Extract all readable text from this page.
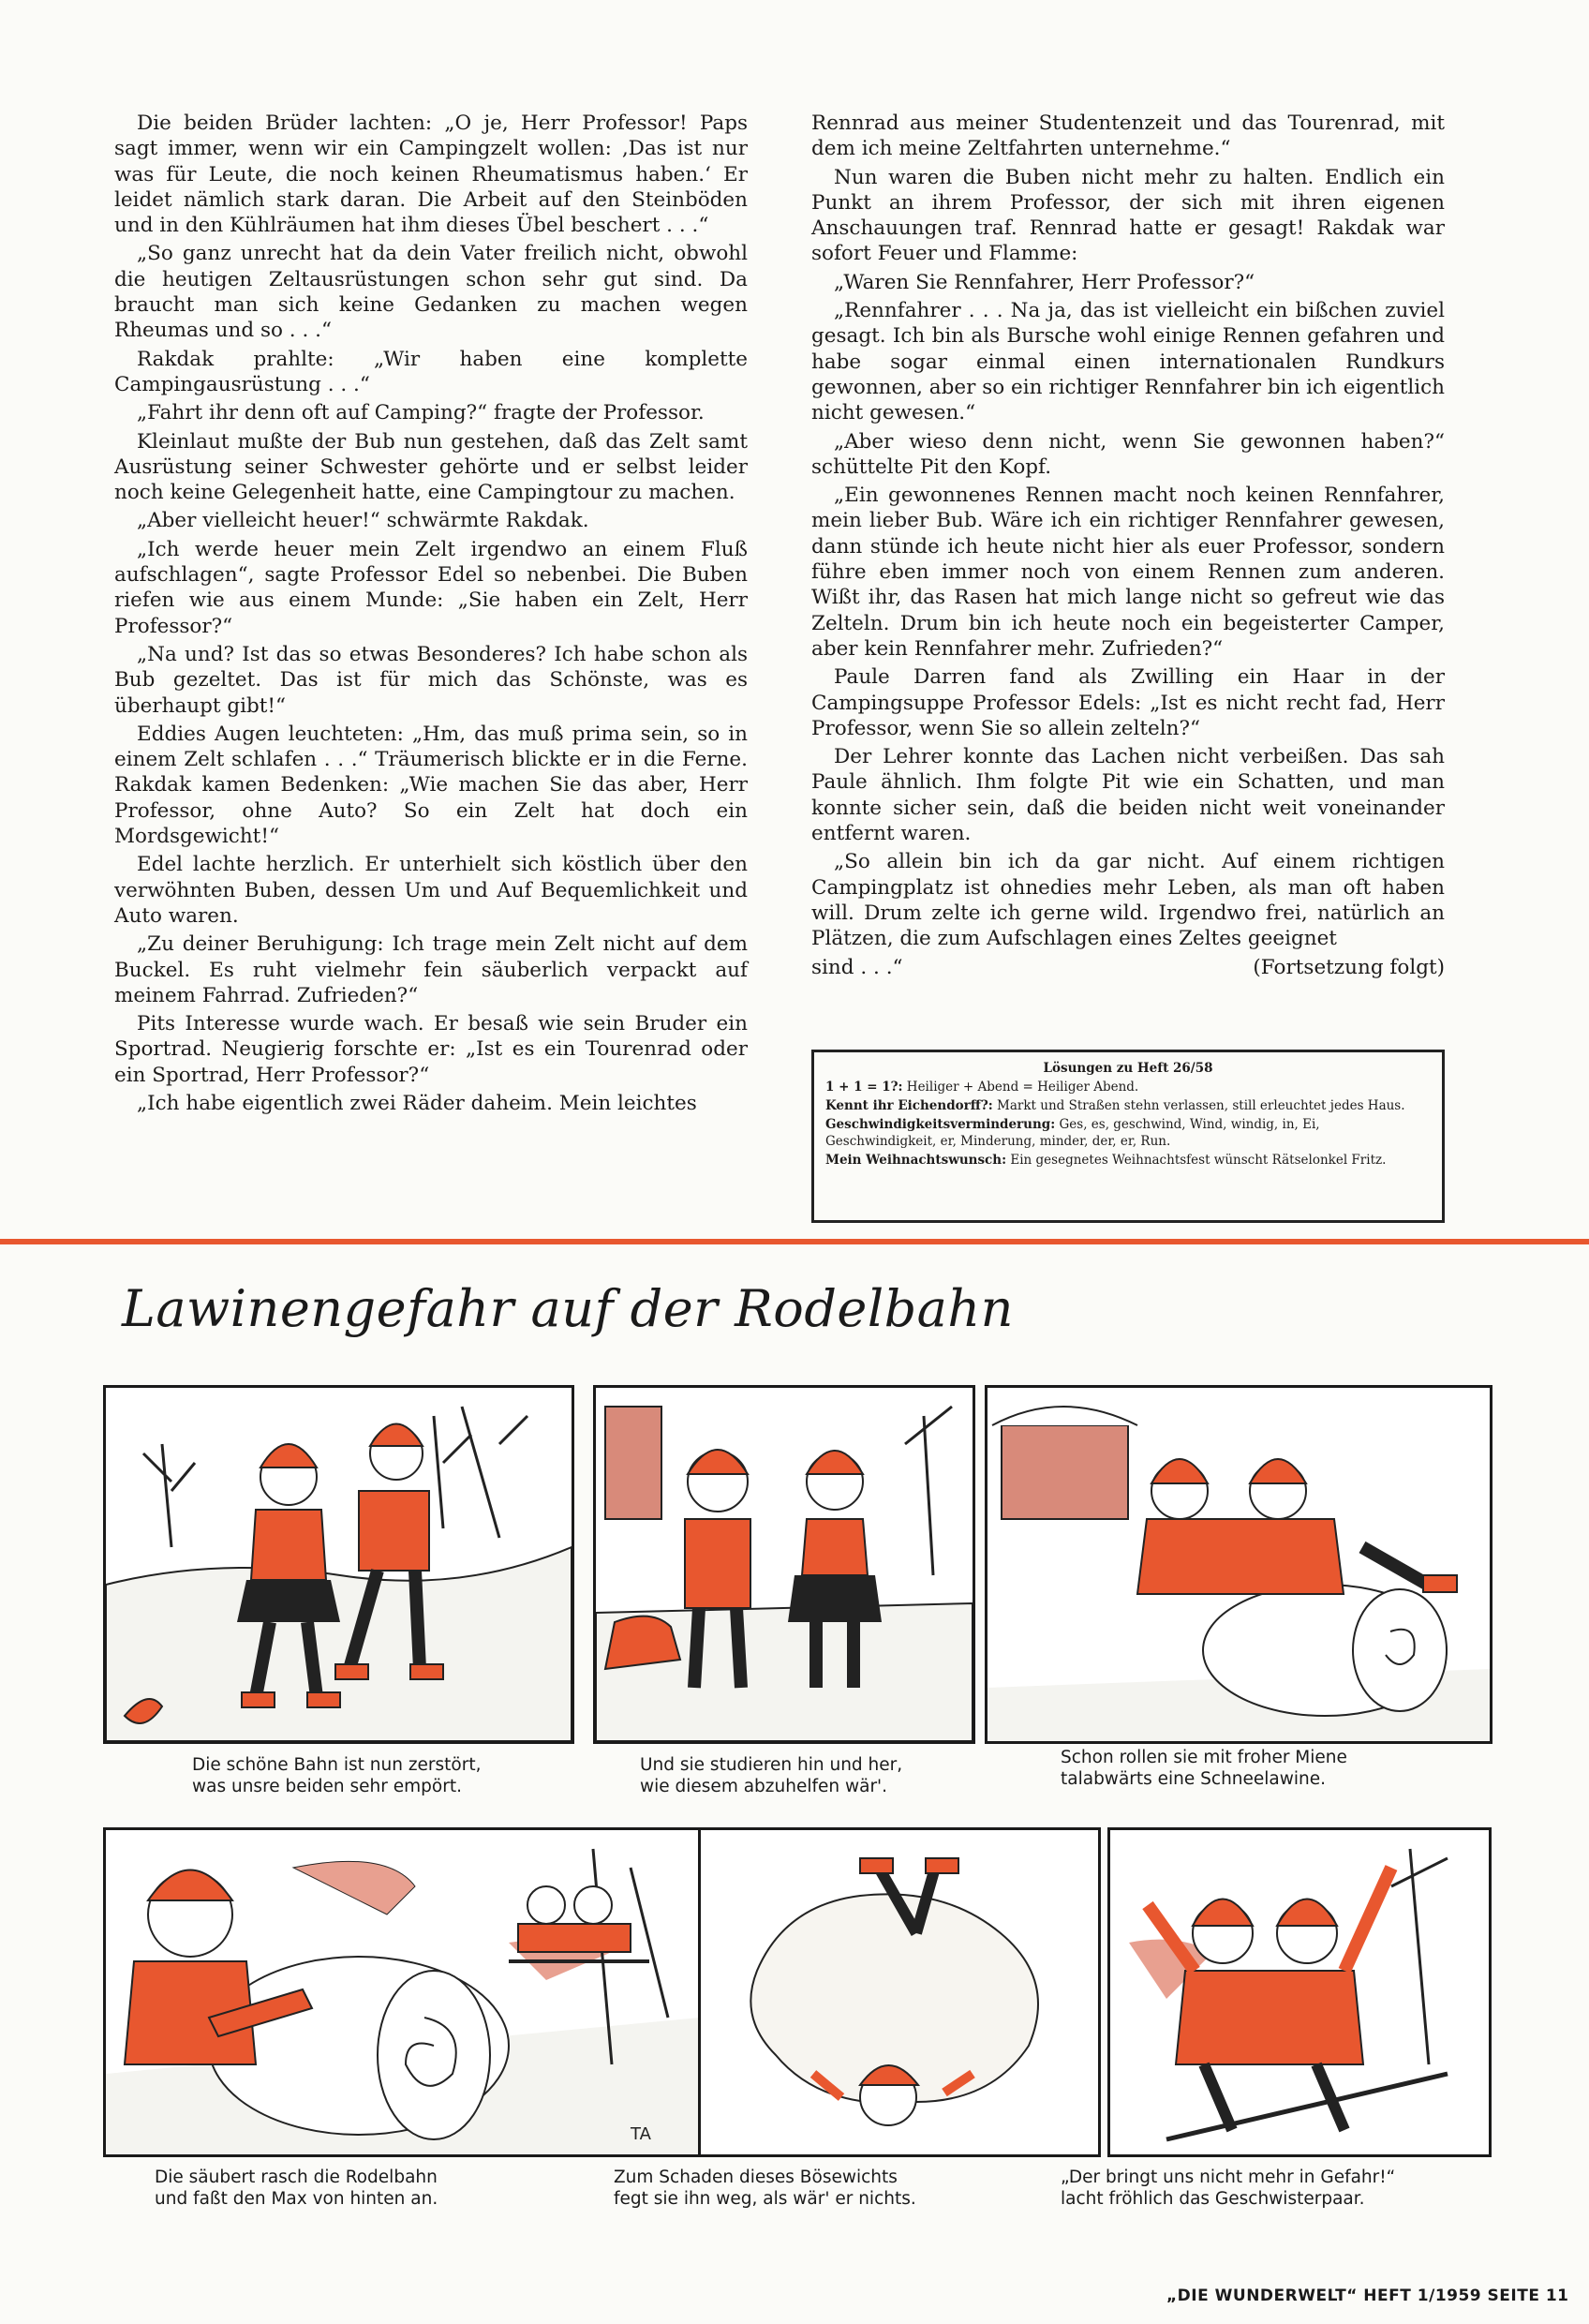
Die beiden Brüder lachten: „O je, Herr Professor! Paps sagt immer, wenn wir ein Campingzelt wollen: ‚Das ist nur was für Leute, die noch keinen Rheumatismus haben.‘ Er leidet nämlich stark daran. Die Arbeit auf den Steinböden und in den Kühlräumen hat ihm dieses Übel beschert . . .“

„So ganz unrecht hat da dein Vater freilich nicht, obwohl die heutigen Zeltausrüstungen schon sehr gut sind. Da braucht man sich keine Gedanken zu machen wegen Rheumas und so . . .“

Rakdak prahlte: „Wir haben eine komplette Campingausrüstung . . .“

„Fahrt ihr denn oft auf Camping?“ fragte der Professor.

Kleinlaut mußte der Bub nun gestehen, daß das Zelt samt Ausrüstung seiner Schwester gehörte und er selbst leider noch keine Gelegenheit hatte, eine Campingtour zu machen.

„Aber vielleicht heuer!“ schwärmte Rakdak.

„Ich werde heuer mein Zelt irgendwo an einem Fluß aufschlagen“, sagte Professor Edel so nebenbei. Die Buben riefen wie aus einem Munde: „Sie haben ein Zelt, Herr Professor?“

„Na und? Ist das so etwas Besonderes? Ich habe schon als Bub gezeltet. Das ist für mich das Schönste, was es überhaupt gibt!“

Eddies Augen leuchteten: „Hm, das muß prima sein, so in einem Zelt schlafen . . .“ Träumerisch blickte er in die Ferne. Rakdak kamen Bedenken: „Wie machen Sie das aber, Herr Professor, ohne Auto? So ein Zelt hat doch ein Mordsgewicht!“

Edel lachte herzlich. Er unterhielt sich köstlich über den verwöhnten Buben, dessen Um und Auf Bequemlichkeit und Auto waren.

„Zu deiner Beruhigung: Ich trage mein Zelt nicht auf dem Buckel. Es ruht vielmehr fein säuberlich verpackt auf meinem Fahrrad. Zufrieden?“

Pits Interesse wurde wach. Er besaß wie sein Bruder ein Sportrad. Neugierig forschte er: „Ist es ein Tourenrad oder ein Sportrad, Herr Professor?“

„Ich habe eigentlich zwei Räder daheim. Mein leichtes

Rennrad aus meiner Studentenzeit und das Tourenrad, mit dem ich meine Zeltfahrten unternehme.“

Nun waren die Buben nicht mehr zu halten. Endlich ein Punkt an ihrem Professor, der sich mit ihren eigenen Anschauungen traf. Rennrad hatte er gesagt! Rakdak war sofort Feuer und Flamme:

„Waren Sie Rennfahrer, Herr Professor?“

„Rennfahrer . . . Na ja, das ist vielleicht ein bißchen zuviel gesagt. Ich bin als Bursche wohl einige Rennen gefahren und habe sogar einmal einen internationalen Rundkurs gewonnen, aber so ein richtiger Rennfahrer bin ich eigentlich nicht gewesen.“

„Aber wieso denn nicht, wenn Sie gewonnen haben?“ schüttelte Pit den Kopf.

„Ein gewonnenes Rennen macht noch keinen Rennfahrer, mein lieber Bub. Wäre ich ein richtiger Rennfahrer gewesen, dann stünde ich heute nicht hier als euer Professor, sondern führe eben immer noch von einem Rennen zum anderen. Wißt ihr, das Rasen hat mich lange nicht so gefreut wie das Zelteln. Drum bin ich heute noch ein begeisterter Camper, aber kein Rennfahrer mehr. Zufrieden?“

Paule Darren fand als Zwilling ein Haar in der Campingsuppe Professor Edels: „Ist es nicht recht fad, Herr Professor, wenn Sie so allein zelteln?“

Der Lehrer konnte das Lachen nicht verbeißen. Das sah Paule ähnlich. Ihm folgte Pit wie ein Schatten, und man konnte sicher sein, daß die beiden nicht weit voneinander entfernt waren.

„So allein bin ich da gar nicht. Auf einem richtigen Campingplatz ist ohnedies mehr Leben, als man oft haben will. Drum zelte ich gerne wild. Irgendwo frei, natürlich an Plätzen, die zum Aufschlagen eines Zeltes geeignet

sind . . .“	(Fortsetzung folgt)
Lösungen zu Heft 26/58
1 + 1 = 1?: Heiliger + Abend = Heiliger Abend.
Kennt ihr Eichendorff?: Markt und Straßen stehn verlassen, still erleuchtet jedes Haus.
Geschwindigkeitsverminderung: Ges, es, geschwind, Wind, windig, in, Ei, Geschwindigkeit, er, Minderung, minder, der, er, Run.
Mein Weihnachtswunsch: Ein gesegnetes Weihnachtsfest wünscht Rätselonkel Fritz.
Lawinengefahr auf der Rodelbahn
Die schöne Bahn ist nun zerstört,
was unsre beiden sehr empört.
Und sie studieren hin und her,
wie diesem abzuhelfen wär'.
Schon rollen sie mit froher Miene
talabwärts eine Schneelawine.
TA
Die säubert rasch die Rodelbahn
und faßt den Max von hinten an.
Zum Schaden dieses Bösewichts
fegt sie ihn weg, als wär' er nichts.
„Der bringt uns nicht mehr in Gefahr!“
lacht fröhlich das Geschwisterpaar.
„DIE WUNDERWELT“ HEFT 1/1959 SEITE 11
